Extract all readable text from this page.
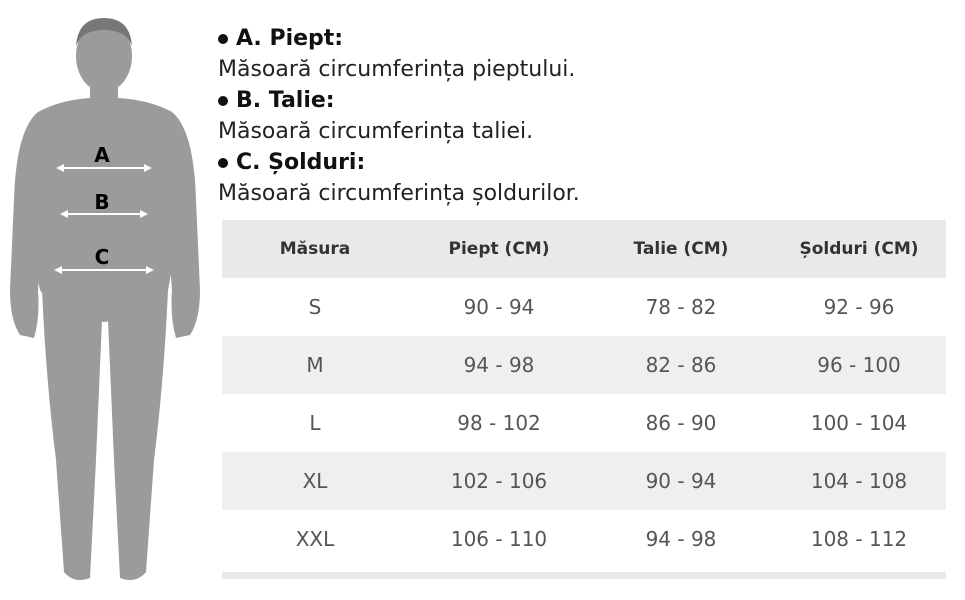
A
B
C
A. Piept:
Măsoară circumferința pieptului.
B. Talie:
Măsoară circumferința taliei.
C. Șolduri:
Măsoară circumferința șoldurilor.
Măsura	Piept (CM)	Talie (CM)	Șolduri (CM)
S	90 - 94	78 - 82	92 - 96
M	94 - 98	82 - 86	96 - 100
L	98 - 102	86 - 90	100 - 104
XL	102 - 106	90 - 94	104 - 108
XXL	106 - 110	94 - 98	108 - 112
